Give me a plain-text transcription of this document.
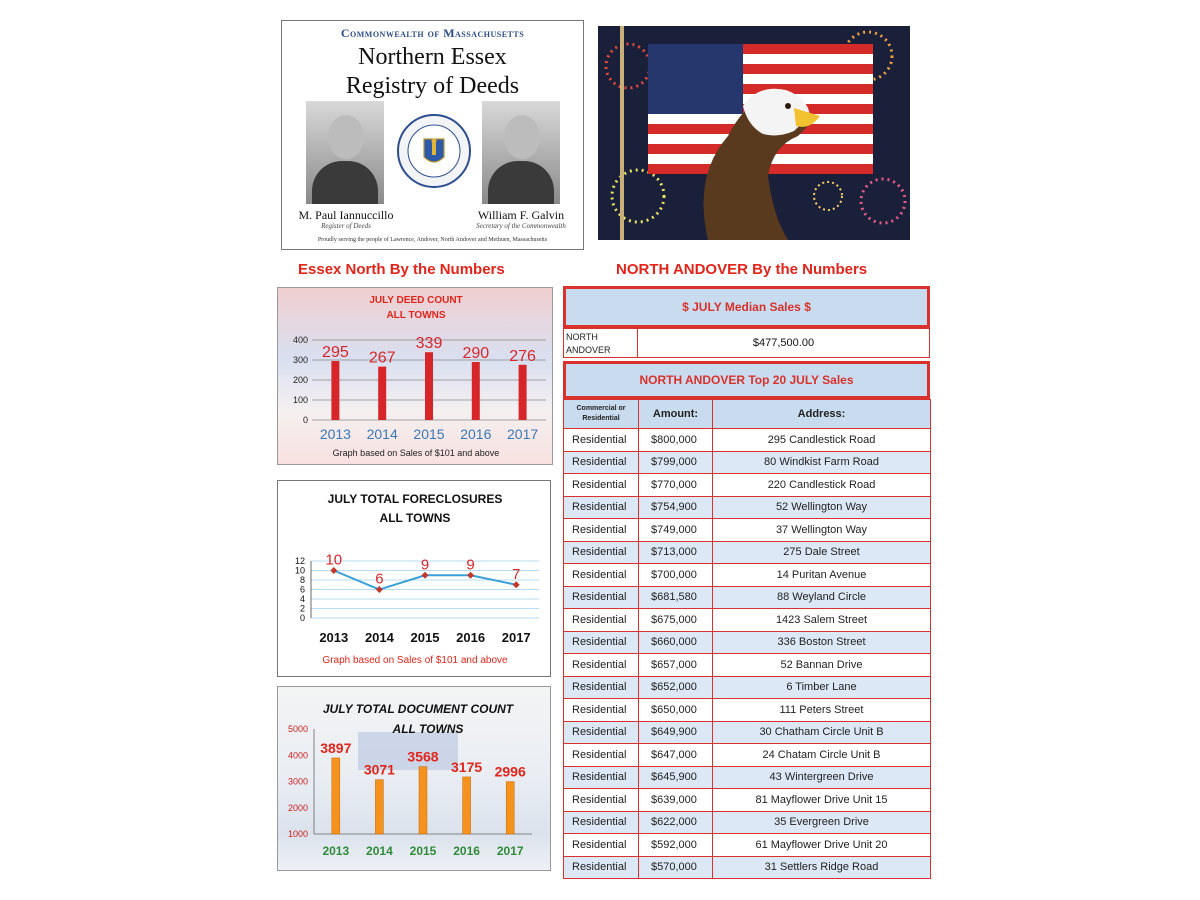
Commonwealth of Massachusetts
Northern Essex
Registry of Deeds
M. Paul Iannuccillo
Register of Deeds
William F. Galvin
Secretary of the Commonwealth
Proudly serving the people of Lawrence, Andover, North Andover and Methuen, Massachusetts
Essex North By the Numbers	NORTH ANDOVER By the Numbers
JULY DEED COUNT
ALL TOWNS
0
100
200
300
400
295
2013
267
2014
339
2015
290
2016
276
2017
Graph based on Sales of $101 and above
JULY TOTAL FORECLOSURES
ALL TOWNS
0
2
4
6
8
10
12 10
2013
6
2014
9
2015
9
2016
7
2017
Graph based on Sales of $101 and above
JULY TOTAL DOCUMENT COUNT
ALL TOWNS
1000
2000
3000
4000
5000
3897
2013
3071
2014
3568
2015
3175
2016
2996
2017
$ JULY Median Sales $
NORTH ANDOVER
$477,500.00
NORTH ANDOVER Top 20 JULY Sales
Commercial or Residential	Amount:	Address:
Residential	$800,000	295 Candlestick Road
Residential	$799,000	80 Windkist Farm Road
Residential	$770,000	220 Candlestick Road
Residential	$754,900	52 Wellington Way
Residential	$749,000	37 Wellington Way
Residential	$713,000	275 Dale Street
Residential	$700,000	14 Puritan Avenue
Residential	$681,580	88 Weyland Circle
Residential	$675,000	1423 Salem Street
Residential	$660,000	336 Boston Street
Residential	$657,000	52 Bannan Drive
Residential	$652,000	6 Timber Lane
Residential	$650,000	111 Peters Street
Residential	$649,900	30 Chatham Circle Unit B
Residential	$647,000	24 Chatam Circle Unit B
Residential	$645,900	43 Wintergreen Drive
Residential	$639,000	81 Mayflower Drive Unit 15
Residential	$622,000	35 Evergreen Drive
Residential	$592,000	61 Mayflower Drive Unit 20
Residential	$570,000	31 Settlers Ridge Road
